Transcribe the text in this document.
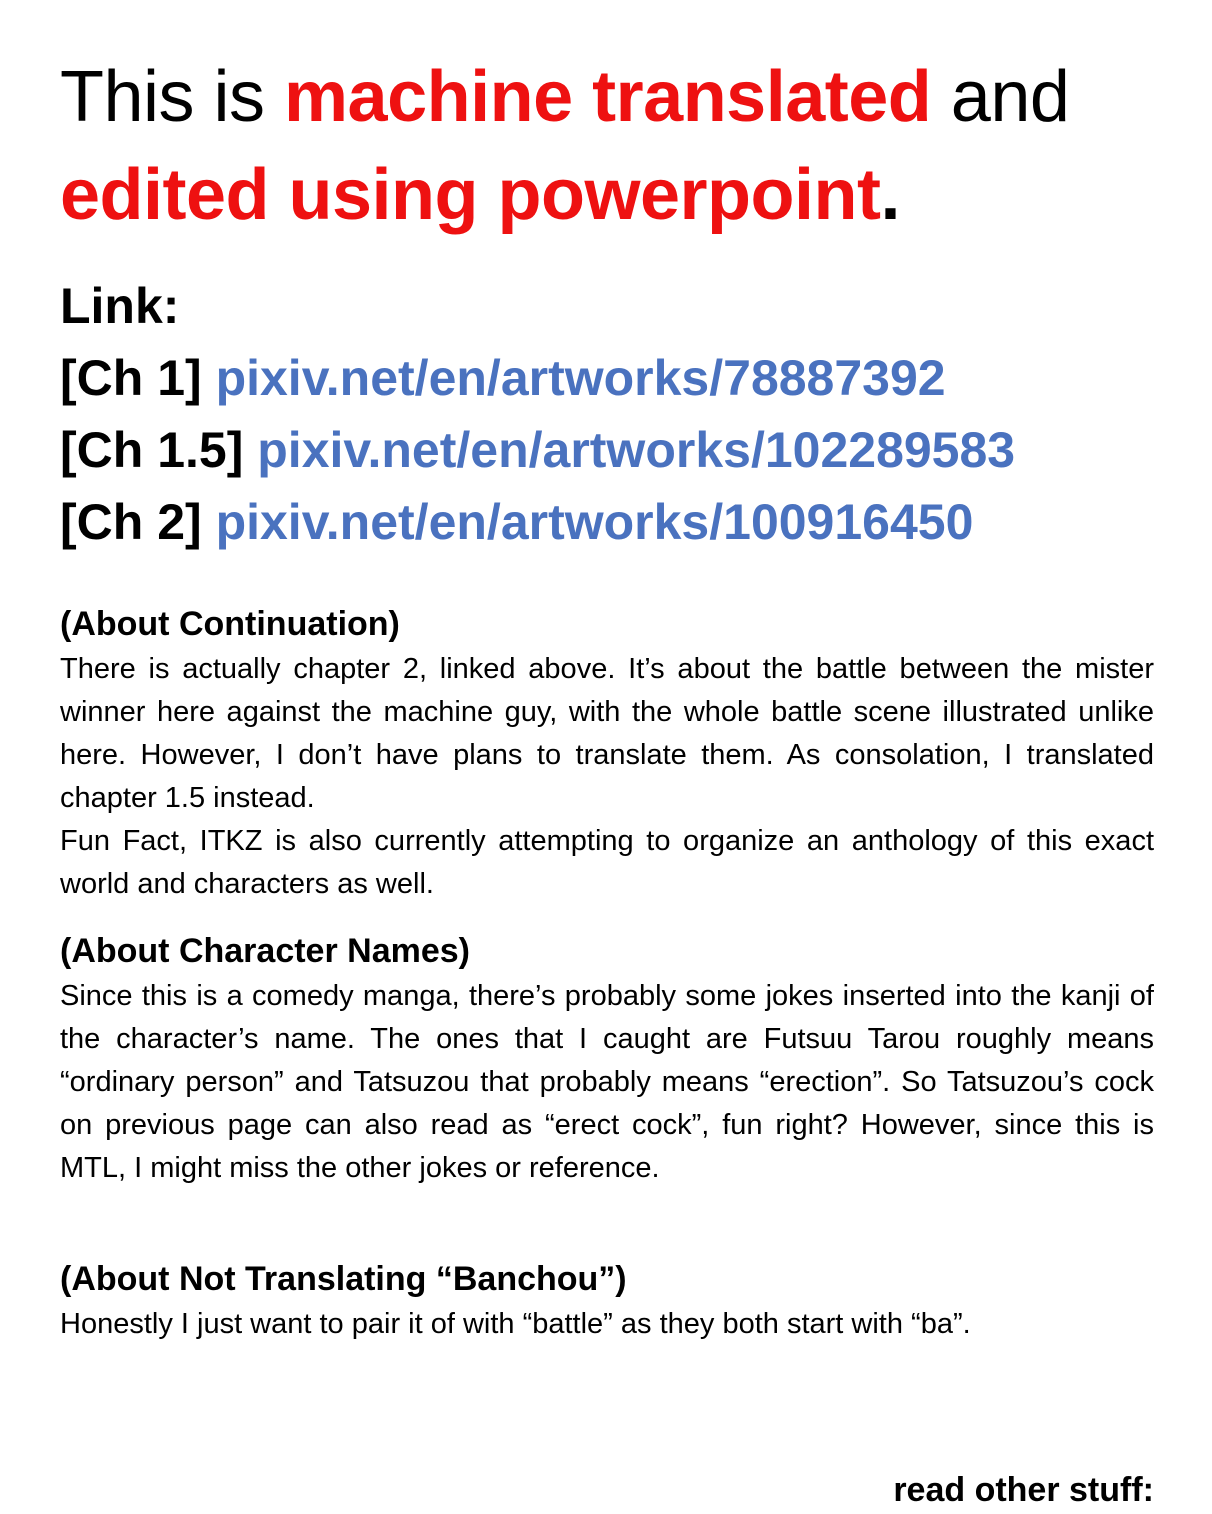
This is machine translated and
edited using powerpoint.
Link:
[Ch 1] pixiv.net/en/artworks/78887392
[Ch 1.5] pixiv.net/en/artworks/102289583
[Ch 2] pixiv.net/en/artworks/100916450
(About Continuation)

There is actually chapter 2, linked above. It’s about the battle between the mister winner here against the machine guy, with the whole battle scene illustrated unlike here. However, I don’t have plans to translate them. As consolation, I translated chapter 1.5 instead.

Fun Fact, ITKZ is also currently attempting to organize an anthology of this exact world and characters as well.

(About Character Names)

Since this is a comedy manga, there’s probably some jokes inserted into the kanji of the character’s name. The ones that I caught are Futsuu Tarou roughly means “ordinary person” and Tatsuzou that probably means “erection”. So Tatsuzou’s cock on previous page can also read as “erect cock”, fun right? However, since this is MTL, I might miss the other jokes or reference.

(About Not Translating “Banchou”)

Honestly I just want to pair it of with “battle” as they both start with “ba”.

read other stuff:
